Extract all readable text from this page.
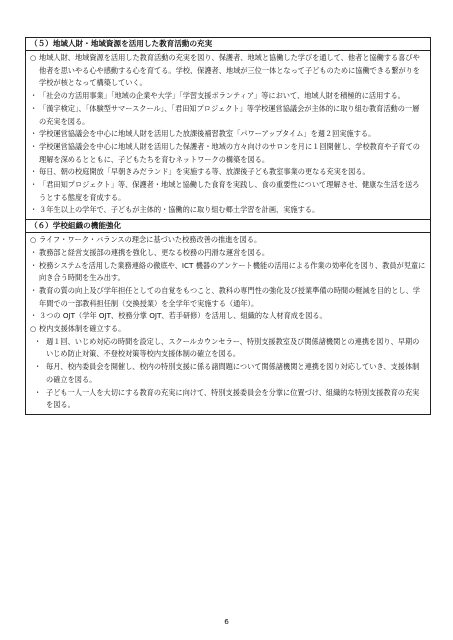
（５）地域人財・地域資源を活用した教育活動の充実
○ 地域人財、地域資源を活用した教育活動の充実を図り、保護者、地域と協働した学びを通して、他者と協働する喜びや他者を思いやる心や感動する心を育てる。学校、保護者、地域が三位一体となって子どものために協働できる繋がりを学校が核となって構築していく。
・ 「社会の方活用事業」「地域の企業や大学」「学習支援ボランティア」等において、地域人財を積極的に活用する。
・ 「漢字検定」、「体験型サマースクール」、「君田知プロジェクト」等学校運営協議会が主体的に取り組む教育活動の一層の充実を図る。
・ 学校運営協議会を中心に地域人財を活用した放課後補習教室「パワーアップタイム」を週２回実施する。
・ 学校運営協議会を中心に地域人財を活用した保護者・地域の方々向けのサロンを月に１回開催し、学校教育や子育ての理解を深めるとともに、子どもたちを育むネットワークの構築を図る。
・ 毎日、朝の校庭開放「早朝きみだランド」を実施する等、放課後子ども教室事業の更なる充実を図る。
・ 「君田知プロジェクト」等、保護者・地域と協働した食育を実践し、食の重要性について理解させ、健康な生活を送ろうとする態度を育成する。
・ ３年生以上の学年で、子どもが主体的・協働的に取り組む郷土学習を計画、実施する。
（６）学校組織の機能強化
○ ライフ・ワーク・バランスの理念に基づいた校務改善の推進を図る。
・ 教務部と経営支援部の連携を強化し、更なる校務の円滑な運営を図る。
・ 校務システムを活用した業務連絡の徹底や、ICT 機器のアンケート機能の活用による作業の効率化を図り、教員が児童に向き合う時間を生み出す。
・ 教育の質の向上及び学年担任としての自覚をもつこと、教科の専門性の強化及び授業準備の時間の軽減を目的とし、学年間での一部教科担任制（交換授業）を全学年で実施する（通年）。
・ ３つの OJT（学年 OJT、校務分掌 OJT、若手研修）を活用し、組織的な人材育成を図る。
○ 校内支援体制を確立する。
・ 週１回、いじめ対応の時間を設定し、スクールカウンセラー、特別支援教室及び関係諸機関との連携を図り、早期のいじめ防止対策、不登校対策等校内支援体制の確立を図る。
・ 毎月、校内委員会を開催し、校内の特別支援に係る諸問題について関係諸機関と連携を図り対応していき、支援体制の確立を図る。
・ 子ども一人一人を大切にする教育の充実に向けて、特別支援委員会を分掌に位置づけ、組織的な特別支援教育の充実を図る。
6
